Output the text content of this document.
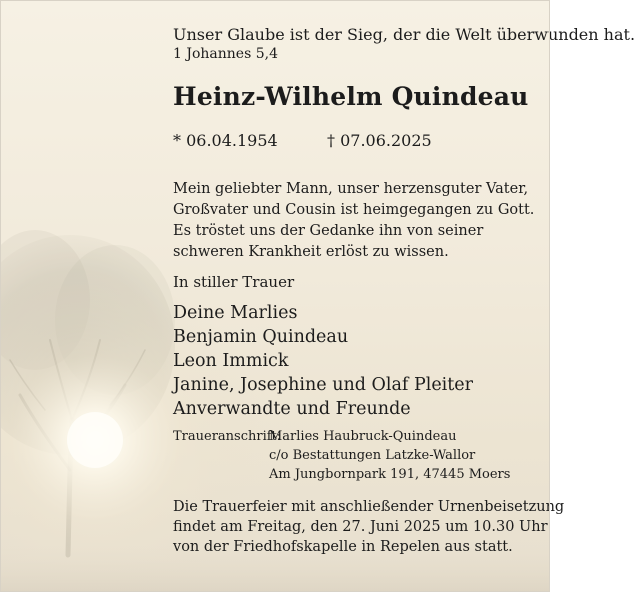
Unser Glaube ist der Sieg, der die Welt überwunden hat.
1 Johannes 5,4
Heinz-Wilhelm Quindeau
* 06.04.1954	† 07.06.2025
Mein geliebter Mann, unser herzensguter Vater,
Großvater und Cousin ist heimgegangen zu Gott.
Es tröstet uns der Gedanke ihn von seiner
schweren Krankheit erlöst zu wissen.
In stiller Trauer
Deine Marlies
Benjamin Quindeau
Leon Immick
Janine, Josephine und Olaf Pleiter
Anverwandte und Freunde
Traueranschrift:
Marlies Haubruck-Quindeau
c/o Bestattungen Latzke-Wallor
Am Jungbornpark 191, 47445 Moers
Die Trauerfeier mit anschließender Urnenbeisetzung
findet am Freitag, den 27. Juni 2025 um 10.30 Uhr
von der Friedhofskapelle in Repelen aus statt.
